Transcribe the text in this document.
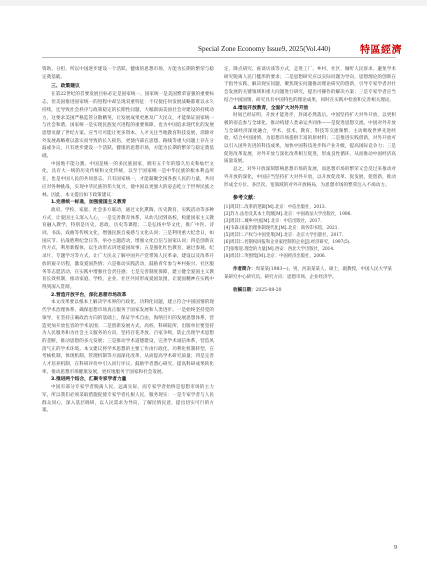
Special Zone Economy Issue9, 2025(Vol.440)	特區經濟

资助、分担，所以中国逐步建设一个活跃、健康的思想市场，方能为长期的繁荣与稳定奠基础。

三、政策建议

在第22世纪的首要发展目标必定是国家统一。国家统一是美国繁荣富强的重要标志，但美国推进国家统一的进程中却呈现双重特征：不仅使任何发展战略都难以永久持续，还导致社会秩序与政策稳定的长期性问题，大幅削弱美国社会对建设的持续动力，这要求美国严格监管分散精英，让发展成果更惠及广大民众，才能保证国家统一与社会和谐。国家统一是实现民族复兴进程的重要保障，也为中国追求现代化的发展思想贡献了世纪方案。应当尽可能让更多资本、人才关注当地教育科技发展，消除对外发展战略难以落实而导致的长久损伤，更使内部在思想、路线等重大问题上存在分歧或争议，只有逐步建设一个活跃、健康的思想市场，方能为长期的繁荣与稳定奠基础。

中国地不能分割。中国是统一的多民族国家，拥有五千年的悠久历史和灿烂文化，具有大一统的历史传统和文化传统，以至于国家统一是中华民族的根本利益所在，也是中国人民的共同意志。只有国家统一，才能凝聚全国各族人民的力量，共同应对各种挑战，实现中华民族的伟大复兴，使中国以更强大的姿态屹立于世界民族之林。因此，本文提出如下政策建议：

1.完善统一标准，加强爱国主义教育

政府、学校、家庭、社会多方联动，通过文化熏陶、历史教育、实践活动等多种方式，让爱国主义深入人心，一是完善教育体系，从幼儿园到高校，构建国家主义教育融入教学，特别是历史、思政、历史等课程；二是弘扬中华文化，推广中医、诗词、书法、戏曲等传统文化，增强民族自豪感与文化认同；三是利用重大纪念日，如国庆节、抗战胜利纪念日等，举办主题活动，增强文化自信与国家认同；四是创新宣传方式，利用新媒体，以生动形式讲述爱国故事；五是强化红色教育，通过参观、纪录片、专题学习等方式，让广大民众了解中国共产党带领人民革命、建设以及改革开放的艰辛历程，激发爱国热情；六是推动实践活动，鼓励青年参与乡村振兴、社区服务等志愿活动，在实践中增强社会责任感；七是完善制度保障，建立健全爱国主义教育长效机制，推动家庭、学校、企业、社区共同形成爱国氛围，让爱国精神在实践中得到深入贯彻。

2.营造开放平台，深化思想市场改革

本文改革要以根本上解决学术界的行政化、功利化问题，建立符合中国国情的现代学术治理体系，确保思想市场真正服务于国家发展和人类进步。一是始终坚持党的领导，在坚持正确政治方向的基础上，保证学术自由，海纳百川的发展思想体系，营造更加开放包容的学术氛围；二是创新发展方式，高校、科研院所、出版单位要坚持为人民服务和为社会主义服务的方向，坚持百花齐放、百家争鸣，防止出现学术思想的垄断，推动思想的多元发展；三是推动学术道德建设，完善学术诚信体系，营造风清气正的学术环境。本文建议将学术思想的主要工作由行政化、功利化机制转型，在考核机制、体现机制、管理机制等方面深化改革，从而提高学术研究质量；四是完善人才培养机制，在科研评价中引入同行评议、鼓励学者潜心研究、提高科研成果转化率，推动思想市场健康发展，更好地服务于国家和社会发展。

3.推进两个结合，汇聚专家学者力量

中国有部分专家学者脱离人民、远离实际，而专家学者始终是思想市场的主力军，所以我们必须采取措施促使专家学者扎根人民，服务现实：一是专家学者与人民群众同心，深入基层调研，以人民需求为导向，了解民情民意，提出切实可行的方案。

定，降点研究、座谈访谈等方式，走进工厂、乡村、社区，倾听人民诉求，避免学术研究脱离人民门槛形的要求；二是思想研究应以实际问题为导向，思想理论的创新在于指导实践、解决现实问题，聚焦现实问题推动理论研究的创新，引导专家学者对社会发展的关键领域和重大问题进行研究，提出可操作的解决方案；三是专家学者应当结合中国国情，研究具有中国特色的理论成果，同时在实践中检验和完善相关理论。

4.增加开放教育，全面扩大对外开放

时间已经证明，开放才能进步，封闭必然落后。中国坚持扩大对外开放，以更积极的姿态参与全球化，推动构建人类命运共同体——是促进思想交流。中国对外开放与全球经济深度融合，学术、技术、教育、科技等交流频繁，主动吸收世界先进经验，结合中国国情，为思想市场提供丰富的原材料；二是推进实践创新，对外开放可以引入国外先进的科技成果，加快中国科技进步和产业升级，提高国际竞争力；三是促进改革发展，对外开放与深化改革相互促进，形成良性循环，从而推动中国经济高质量发展。

总之，对外开放深刻影响思想市场的发展，而思想市场的繁荣又会反过来推动对外开放的深化，中国应当坚持扩大对外开放，以开放促改革、促发展、促创新，推动形成全方位、多层次、宽领域的对外开放格局，为思想市场的繁荣注入不竭动力。

参考文献：

[1]周其仁.改革的逻辑[M].北京：中信出版社，2013.

[2]苏力.法治及其本土资源[M].北京：中国政法大学出版社，1996.

[3]周其仁.城乡中国[M].北京：中信出版社，2017.

[4]韦森.国家治理体制现代化[M].北京：商务印书馆，2021.

[5]周其仁.产权与中国变革[M].北京：北京大学出版社，2017.

[6]周其仁.控制权回报和企业家控制的企业[J].经济研究，1997(5).

[7]张维迎.理念的力量[M].西安：西北大学出版社，2014.

[8]周其仁.突围集[M].北京：中国经济出版社，2006.

作者简介：周某某(1983—)，男，河南某某人，硕士，副教授，中国人民大学某某研究中心研究员。研究方向：思想市场、企业经济学。

收稿日期：2025-08-20

9
